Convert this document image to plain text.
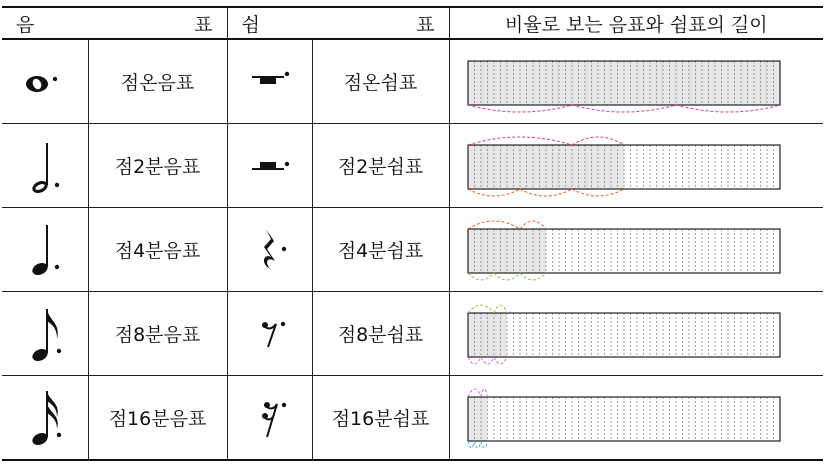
음 표		쉼 표		비율로 보는 음표와 쉼표의 길이

	점온음표		점온쉼표	

	점2분음표		점2분쉼표	

	점4분음표		점4분쉼표	

	점8분음표		점8분쉼표	

	점16분음표		점16분쉼표	
